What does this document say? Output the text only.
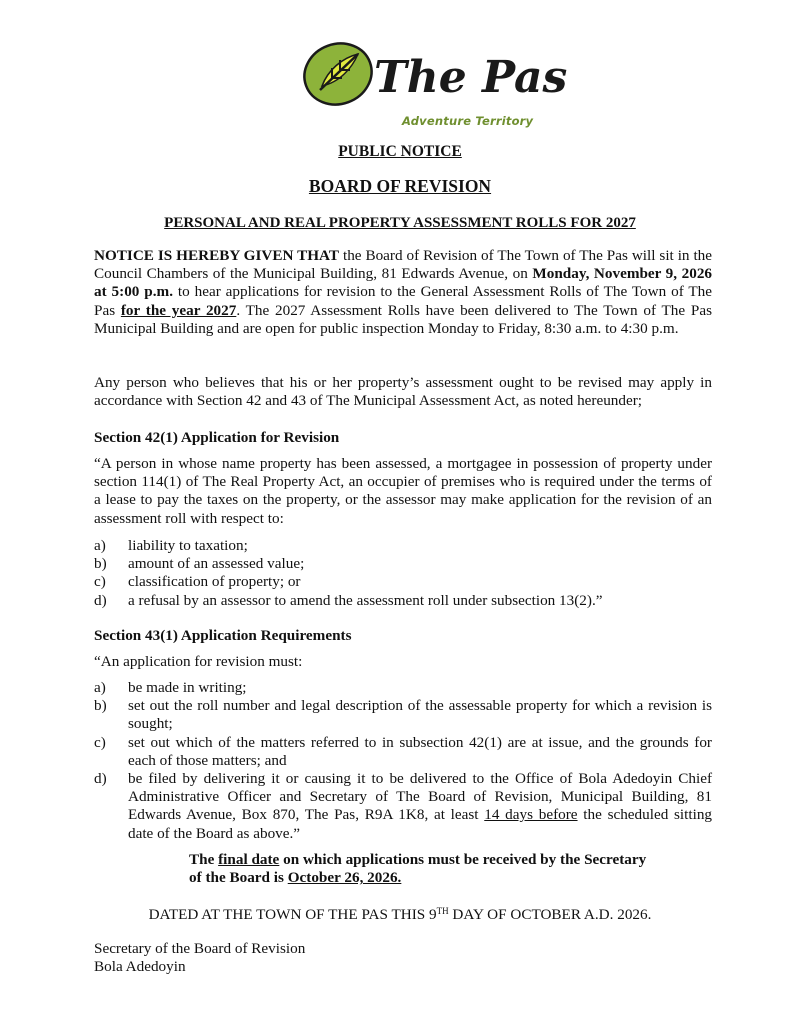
The Pas
Adventure Territory
PUBLIC NOTICE
BOARD OF REVISION
PERSONAL AND REAL PROPERTY ASSESSMENT ROLLS FOR 2027
NOTICE IS HEREBY GIVEN THAT the Board of Revision of The Town of The Pas will sit in the Council Chambers of the Municipal Building, 81 Edwards Avenue, on Monday, November 9, 2026 at 5:00 p.m. to hear applications for revision to the General Assessment Rolls of The Town of The Pas for the year 2027. The 2027 Assessment Rolls have been delivered to The Town of The Pas Municipal Building and are open for public inspection Monday to Friday, 8:30 a.m. to 4:30 p.m.
Any person who believes that his or her property’s assessment ought to be revised may apply in accordance with Section 42 and 43 of The Municipal Assessment Act, as noted hereunder;
Section 42(1) Application for Revision
“A person in whose name property has been assessed, a mortgagee in possession of property under section 114(1) of The Real Property Act, an occupier of premises who is required under the terms of a lease to pay the taxes on the property, or the assessor may make application for the revision of an assessment roll with respect to:
a)	liability to taxation;
b)	amount of an assessed value;
c)	classification of property; or
d)	a refusal by an assessor to amend the assessment roll under subsection 13(2).”
Section 43(1) Application Requirements
“An application for revision must:
a)	be made in writing;
b)	set out the roll number and legal description of the assessable property for which a revision is sought;
c)	set out which of the matters referred to in subsection 42(1) are at issue, and the grounds for each of those matters; and
d)	be filed by delivering it or causing it to be delivered to the Office of Bola Adedoyin Chief Administrative Officer and Secretary of The Board of Revision, Municipal Building, 81 Edwards Avenue, Box 870, The Pas, R9A 1K8, at least 14 days before the scheduled sitting date of the Board as above.”
The final date on which applications must be received by the Secretary of the Board is October 26, 2026.
DATED AT THE TOWN OF THE PAS THIS 9TH DAY OF OCTOBER A.D. 2026.
Secretary of the Board of Revision
Bola Adedoyin
